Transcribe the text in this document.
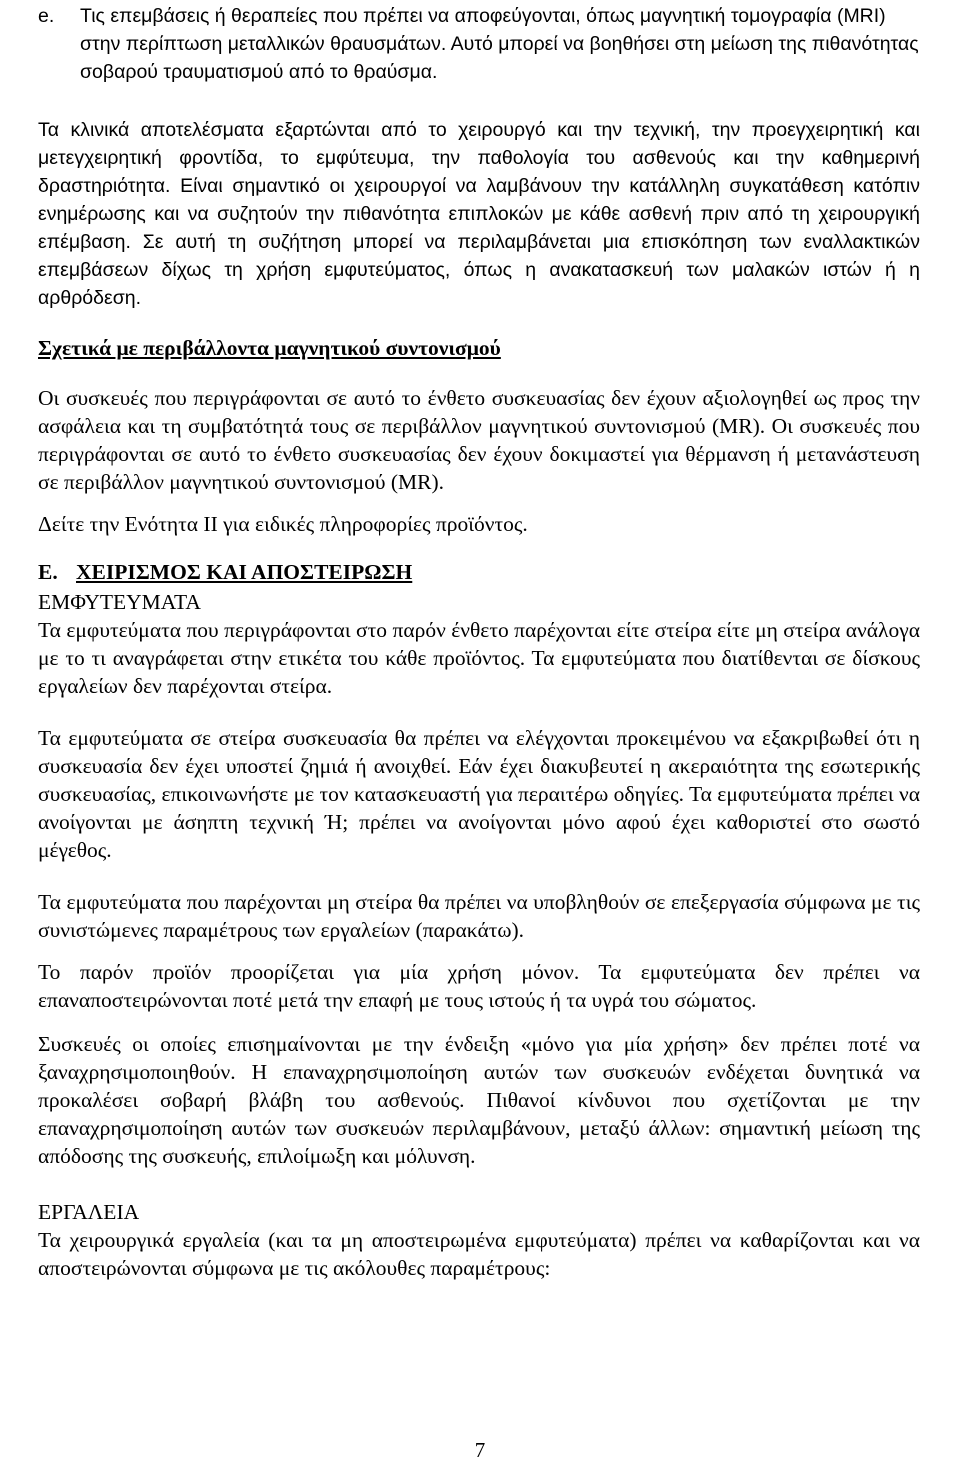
e. Τις επεμβάσεις ή θεραπείες που πρέπει να αποφεύγονται, όπως μαγνητική τομογραφία (MRI) στην περίπτωση μεταλλικών θραυσμάτων. Αυτό μπορεί να βοηθήσει στη μείωση της πιθανότητας σοβαρού τραυματισμού από το θραύσμα.

Τα κλινικά αποτελέσματα εξαρτώνται από το χειρουργό και την τεχνική, την προεγχειρητική και μετεγχειρητική φροντίδα, το εμφύτευμα, την παθολογία του ασθενούς και την καθημερινή δραστηριότητα. Είναι σημαντικό οι χειρουργοί να λαμβάνουν την κατάλληλη συγκατάθεση κατόπιν ενημέρωσης και να συζητούν την πιθανότητα επιπλοκών με κάθε ασθενή πριν από τη χειρουργική επέμβαση. Σε αυτή τη συζήτηση μπορεί να περιλαμβάνεται μια επισκόπηση των εναλλακτικών επεμβάσεων δίχως τη χρήση εμφυτεύματος, όπως η ανακατασκευή των μαλακών ιστών ή η αρθρόδεση.

Σχετικά με περιβάλλοντα μαγνητικού συντονισμού

Οι συσκευές που περιγράφονται σε αυτό το ένθετο συσκευασίας δεν έχουν αξιολογηθεί ως προς την ασφάλεια και τη συμβατότητά τους σε περιβάλλον μαγνητικού συντονισμού (MR). Οι συσκευές που περιγράφονται σε αυτό το ένθετο συσκευασίας δεν έχουν δοκιμαστεί για θέρμανση ή μετανάστευση σε περιβάλλον μαγνητικού συντονισμού (MR).

Δείτε την Ενότητα II για ειδικές πληροφορίες προϊόντος.

E. ΧΕΙΡΙΣΜΟΣ ΚΑΙ ΑΠΟΣΤΕΙΡΩΣΗ

ΕΜΦΥΤΕΥΜΑΤΑ

Τα εμφυτεύματα που περιγράφονται στο παρόν ένθετο παρέχονται είτε στείρα είτε μη στείρα ανάλογα με το τι αναγράφεται στην ετικέτα του κάθε προϊόντος. Τα εμφυτεύματα που διατίθενται σε δίσκους εργαλείων δεν παρέχονται στείρα.

Τα εμφυτεύματα σε στείρα συσκευασία θα πρέπει να ελέγχονται προκειμένου να εξακριβωθεί ότι η συσκευασία δεν έχει υποστεί ζημιά ή ανοιχθεί. Εάν έχει διακυβευτεί η ακεραιότητα της εσωτερικής συσκευασίας, επικοινωνήστε με τον κατασκευαστή για περαιτέρω οδηγίες. Τα εμφυτεύματα πρέπει να ανοίγονται με άσηπτη τεχνική Ή; πρέπει να ανοίγονται μόνο αφού έχει καθοριστεί στο σωστό μέγεθος.

Τα εμφυτεύματα που παρέχονται μη στείρα θα πρέπει να υποβληθούν σε επεξεργασία σύμφωνα με τις συνιστώμενες παραμέτρους των εργαλείων (παρακάτω).

Το παρόν προϊόν προορίζεται για μία χρήση μόνον. Τα εμφυτεύματα δεν πρέπει να επαναποστειρώνονται ποτέ μετά την επαφή με τους ιστούς ή τα υγρά του σώματος.

Συσκευές οι οποίες επισημαίνονται με την ένδειξη «μόνο για μία χρήση» δεν πρέπει ποτέ να ξαναχρησιμοποιηθούν. Η επαναχρησιμοποίηση αυτών των συσκευών ενδέχεται δυνητικά να προκαλέσει σοβαρή βλάβη του ασθενούς. Πιθανοί κίνδυνοι που σχετίζονται με την επαναχρησιμοποίηση αυτών των συσκευών περιλαμβάνουν, μεταξύ άλλων: σημαντική μείωση της απόδοσης της συσκευής, επιλοίμωξη και μόλυνση.

ΕΡΓΑΛΕΙΑ

Τα χειρουργικά εργαλεία (και τα μη αποστειρωμένα εμφυτεύματα) πρέπει να καθαρίζονται και να αποστειρώνονται σύμφωνα με τις ακόλουθες παραμέτρους:

7
